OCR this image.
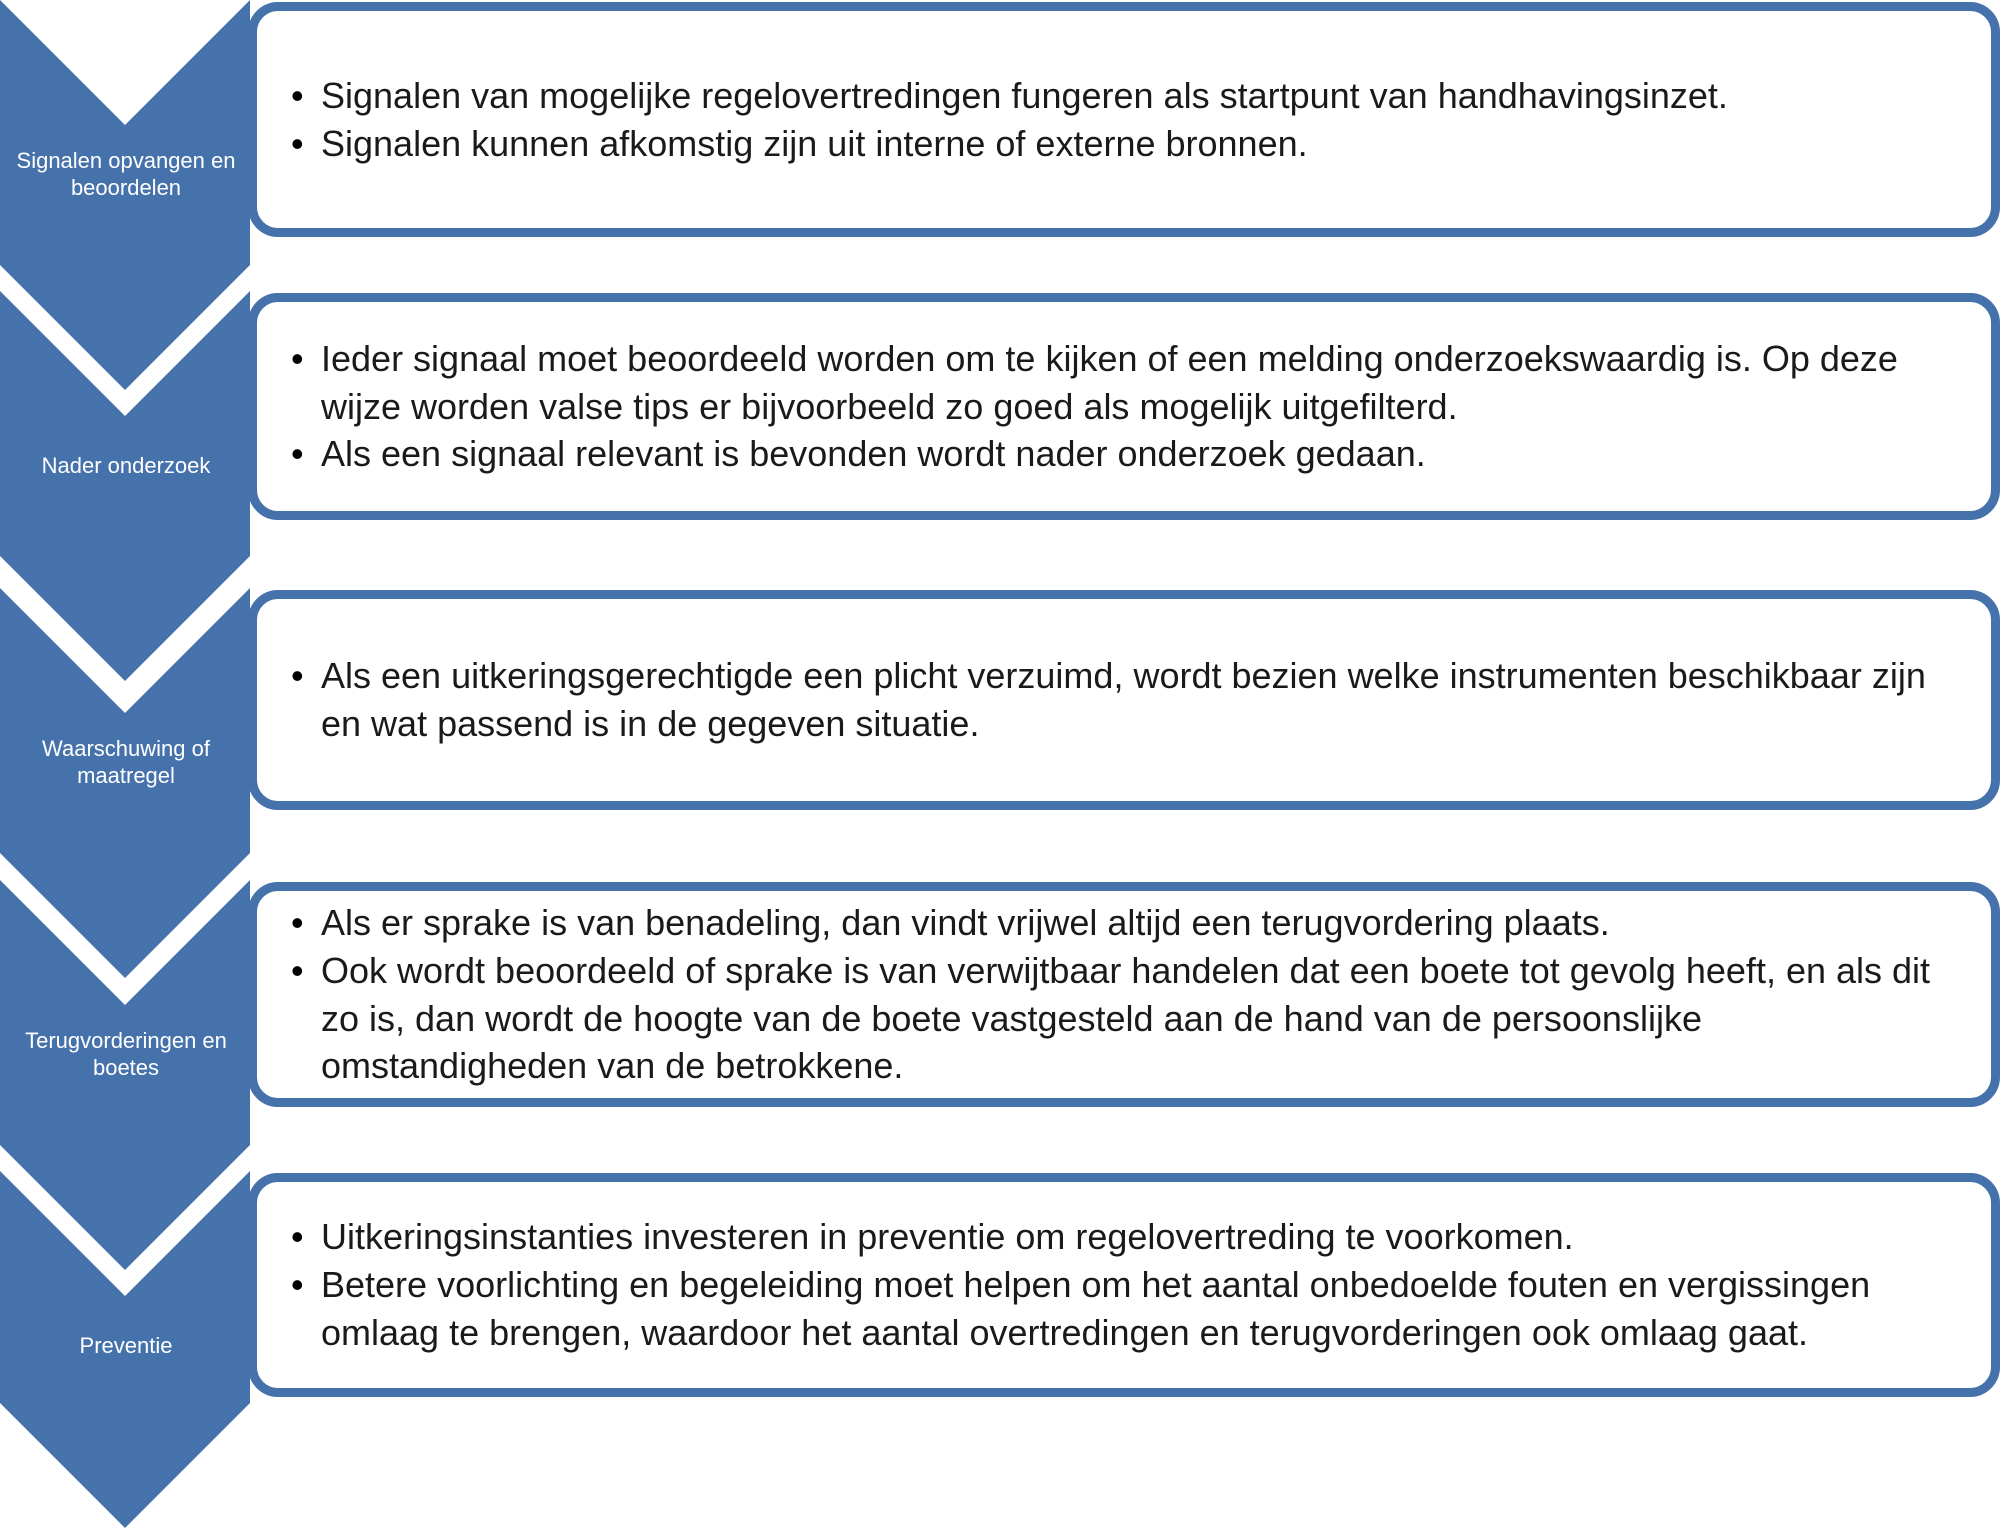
Signalen opvangen en beoordelen
• Signalen van mogelijke regelovertredingen fungeren als startpunt van handhavingsinzet.
• Signalen kunnen afkomstig zijn uit interne of externe bronnen.
Nader onderzoek
• Ieder signaal moet beoordeeld worden om te kijken of een melding onderzoekswaardig is. Op deze wijze worden valse tips er bijvoorbeeld zo goed als mogelijk uitgefilterd.
• Als een signaal relevant is bevonden wordt nader onderzoek gedaan.
Waarschuwing of maatregel
• Als een uitkeringsgerechtigde een plicht verzuimd, wordt bezien welke instrumenten beschikbaar zijn en wat passend is in de gegeven situatie.
Terugvorderingen en boetes
• Als er sprake is van benadeling, dan vindt vrijwel altijd een terugvordering plaats.
• Ook wordt beoordeeld of sprake is van verwijtbaar handelen dat een boete tot gevolg heeft, en als dit zo is, dan wordt de hoogte van de boete vastgesteld aan de hand van de persoonslijke omstandigheden van de betrokkene.
Preventie
• Uitkeringsinstanties investeren in preventie om regelovertreding te voorkomen.
• Betere voorlichting en begeleiding moet helpen om het aantal onbedoelde fouten en vergissingen omlaag te brengen, waardoor het aantal overtredingen en terugvorderingen ook omlaag gaat.
